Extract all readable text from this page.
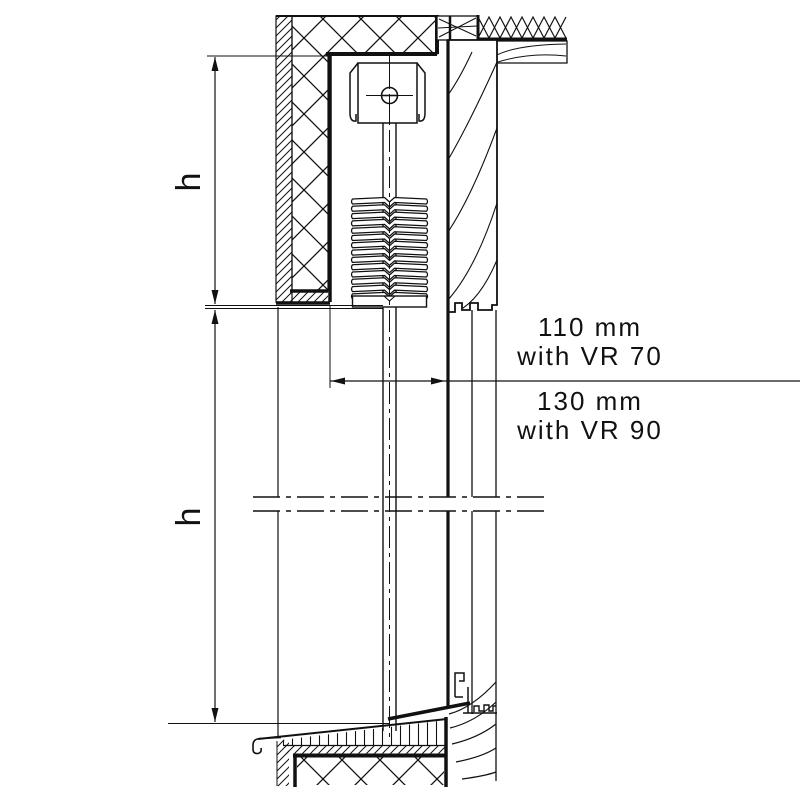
h
h
110 mm
with VR 70
130 mm
with VR 90
